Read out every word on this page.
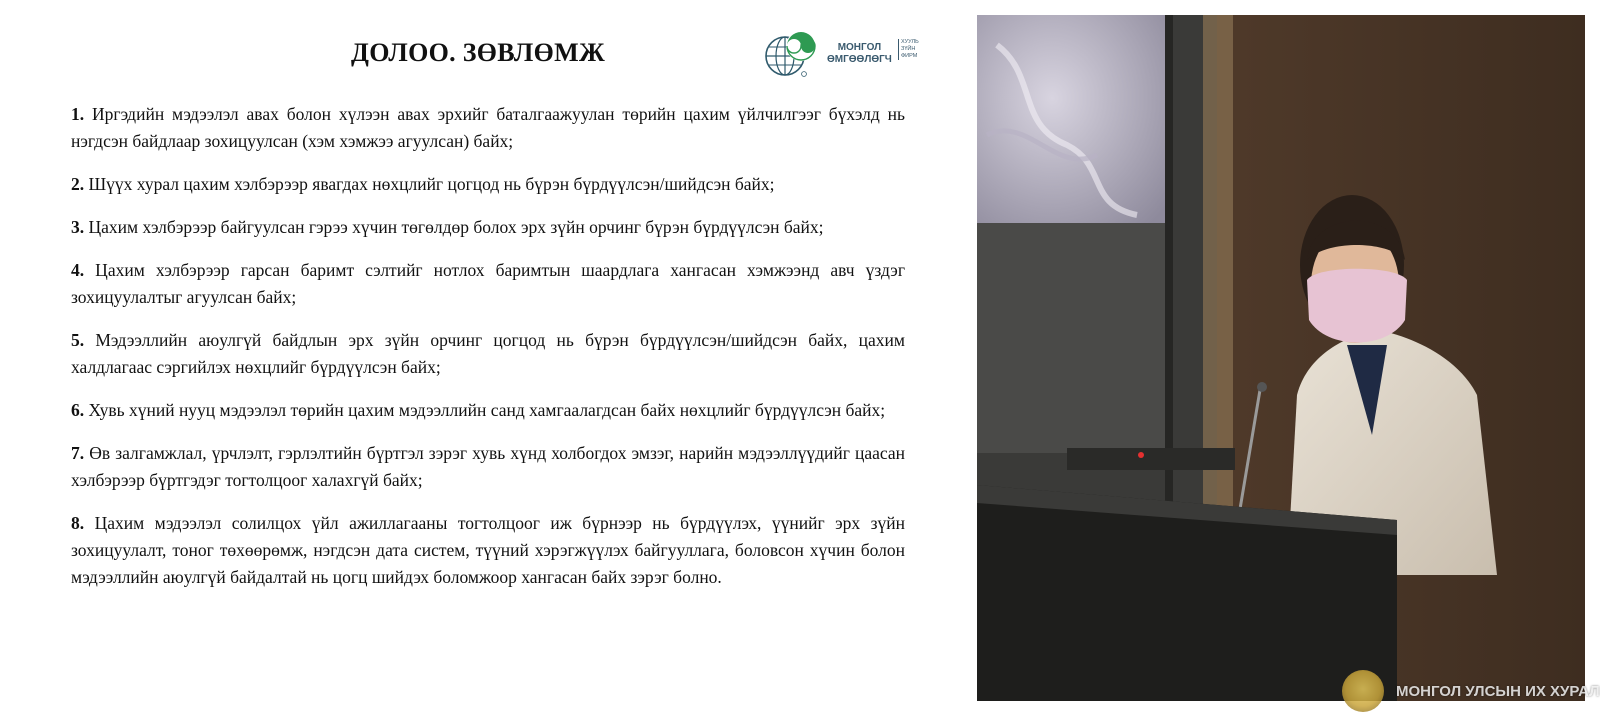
ДОЛОО. ЗӨВЛӨМЖ	МОНГОЛ
ӨМГӨӨЛӨГЧ
ХУУЛЬ
ЗҮЙН
ФИРМ

1. Иргэдийн мэдээлэл авах болон хүлээн авах эрхийг баталгаажуулан төрийн цахим үйлчилгээг бүхэлд нь нэгдсэн байдлаар зохицуулсан (хэм хэмжээ агуулсан) байх;

2. Шүүх хурал цахим хэлбэрээр явагдах нөхцлийг цогцод нь бүрэн бүрдүүлсэн/шийдсэн байх;

3. Цахим хэлбэрээр байгуулсан гэрээ хүчин төгөлдөр болох эрх зүйн орчинг бүрэн бүрдүүлсэн байх;

4. Цахим хэлбэрээр гарсан баримт сэлтийг нотлох баримтын шаардлага хангасан хэмжээнд авч үздэг зохицуулалтыг агуулсан байх;

5. Мэдээллийн аюулгүй байдлын эрх зүйн орчинг цогцод нь бүрэн бүрдүүлсэн/шийдсэн байх, цахим халдлагаас сэргийлэх нөхцлийг бүрдүүлсэн байх;

6. Хувь хүний нууц мэдээлэл төрийн цахим мэдээллийн санд хамгаалагдсан байх нөхцлийг бүрдүүлсэн байх;

7. Өв залгамжлал, үрчлэлт, гэрлэлтийн бүртгэл зэрэг хувь хүнд холбогдох эмзэг, нарийн мэдээллүүдийг цаасан хэлбэрээр бүртгэдэг тогтолцоог халахгүй байх;

8. Цахим мэдээлэл солилцох үйл ажиллагааны тогтолцоог иж бүрнээр нь бүрдүүлэх, үүнийг эрх зүйн зохицуулалт, тоног төхөөрөмж, нэгдсэн дата систем, түүний хэрэгжүүлэх байгууллага, боловсон хүчин болон мэдээллийн аюулгүй байдалтай нь цогц шийдэх боломжоор хангасан байх зэрэг болно.

МОНГОЛ УЛСЫН ИХ ХУРАЛ
